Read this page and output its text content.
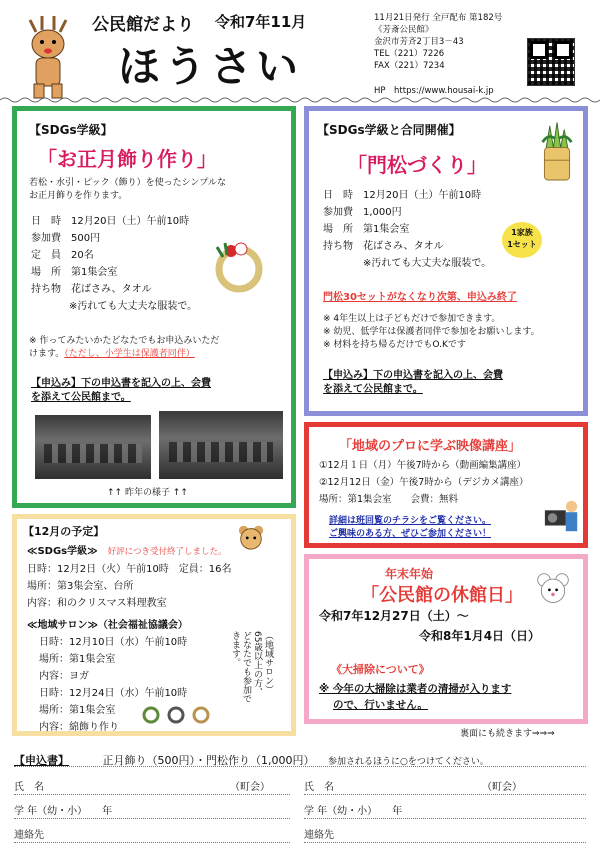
公民館だより 令和7年11月
ほうさい
11月21日発行 全戸配布 第182号
《芳斎公民館》
金沢市芳斉2丁目3－43
TEL（221）7226
FAX（221）7234
HP　https://www.housai-k.jp
【SDGs学級】
「お正月飾り作り」
若松・水引・ピック（飾り）を使ったシンプルな
お正月飾りを作ります。
日　時　12月20日（土）午前10時
参加費　500円
定　員　20名
場　所　第1集会室
持ち物　花ばさみ、タオル
※汚れても大丈夫な服装で。
※ 作ってみたいかたどなたでもお申込みいただ
けます。（ただし、小学生は保護者同伴）
【申込み】下の申込書を記入の上、会費
を添えて公民館まで。
↑↑ 昨年の様子 ↑↑
【SDGs学級と合同開催】
「門松づくり」
日　時　12月20日（土）午前10時
参加費　1,000円
場　所　第1集会室
持ち物　花ばさみ、タオル
※汚れても大丈夫な服装で。
門松30セットがなくなり次第、申込み終了
※ 4年生以上は子どもだけで参加できます。
※ 幼児、低学年は保護者同伴で参加をお願いします。
※ 材料を持ち帰るだけでもO.Kです
【申込み】下の申込書を記入の上、会費
を添えて公民館まで。
1家族
1セット
「地域のプロに学ぶ映像講座」
①12月１日（月）午後7時から（動画編集講座）
②12月12日（金）午後7時から（デジカメ講座）
場所：第1集会室　　会費：無料
詳細は班回覧のチラシをご覧ください。
ご興味のある方、ぜひご参加ください！
【12月の予定】
≪SDGs学級≫　 好評につき受付終了しました。
日時：12月2日（火）午前10時　定員：16名
場所：第3集会室、台所
内容：和のクリスマス料理教室
≪地域サロン≫（社会福祉協議会）
日時：12月10日（水）午前10時
場所：第1集会室
内容：ヨガ
日時：12月24日（水）午前10時
場所：第1集会室
内容：綿飾り作り
（地域サロン）
65歳以上の方、
どなたでも参加で
きます。
年末年始
「公民館の休館日」
令和7年12月27日（土）～
令和8年1月4日（日）
《大掃除について》
※ 今年の大掃除は業者の清掃が入ります
ので、行いません。
裏面にも続きます⇒⇒⇒
【申込書】	正月飾り（500円）・門松作り（1,000円） 参加されるほうに○をつけてください。
氏　名	（町会）	氏　名	（町会）
学 年（幼・小）　　年	学 年（幼・小）　　年
連絡先	連絡先
